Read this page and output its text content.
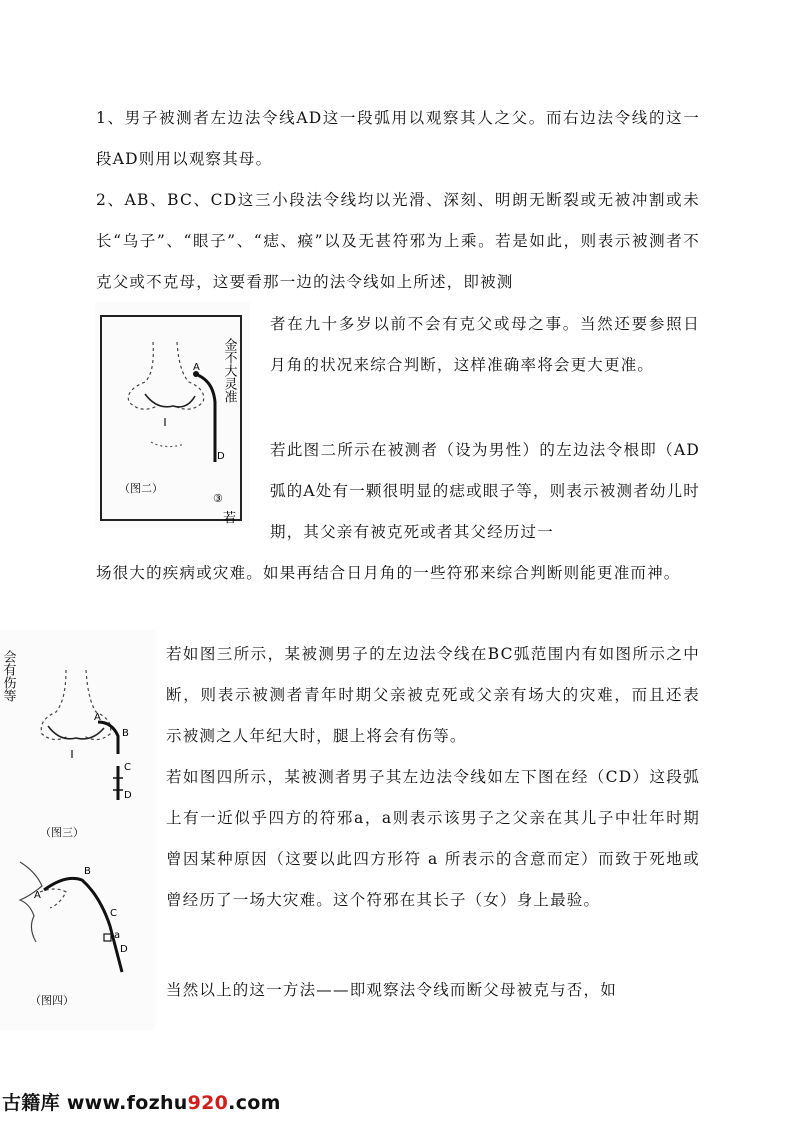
1、男子被测者左边法令线AD这一段弧用以观察其人之父。而右边法令线的这一段AD则用以观察其母。

2、AB、BC、CD这三小段法令线均以光滑、深刻、明朗无断裂或无被冲割或未长“乌子”、“眼子”、“痣、瘊”以及无甚符邪为上乘。若是如此，则表示被测者不克父或不克母，这要看那一边的法令线如上所述，即被测

A
D
金不大灵准
（图二）
③
若

者在九十多岁以前不会有克父或母之事。当然还要参照日月角的状况来综合判断，这样准确率将会更大更准。

若此图二所示在被测者（设为男性）的左边法令根即（AD弧的A处有一颗很明显的痣或眼子等，则表示被测者幼儿时期，其父亲有被克死或者其父经历过一

场很大的疾病或灾难。如果再结合日月角的一些符邪来综合判断则能更准而神。

会有伤等
A
B
C
D
（图三）

若如图三所示，某被测男子的左边法令线在BC弧范围内有如图所示之中断，则表示被测者青年时期父亲被克死或父亲有场大的灾难，而且还表示被测之人年纪大时，腿上将会有伤等。

A
B
C
a
D
（图四）

若如图四所示，某被测者男子其左边法令线如左下图在经（CD）这段弧上有一近似乎四方的符邪a，a则表示该男子之父亲在其儿子中壮年时期曾因某种原因（这要以此四方形符 a 所表示的含意而定）而致于死地或曾经历了一场大灾难。这个符邪在其长子（女）身上最验。

当然以上的这一方法——即观察法令线而断父母被克与否，如

古籍库 www.fozhu920.com
